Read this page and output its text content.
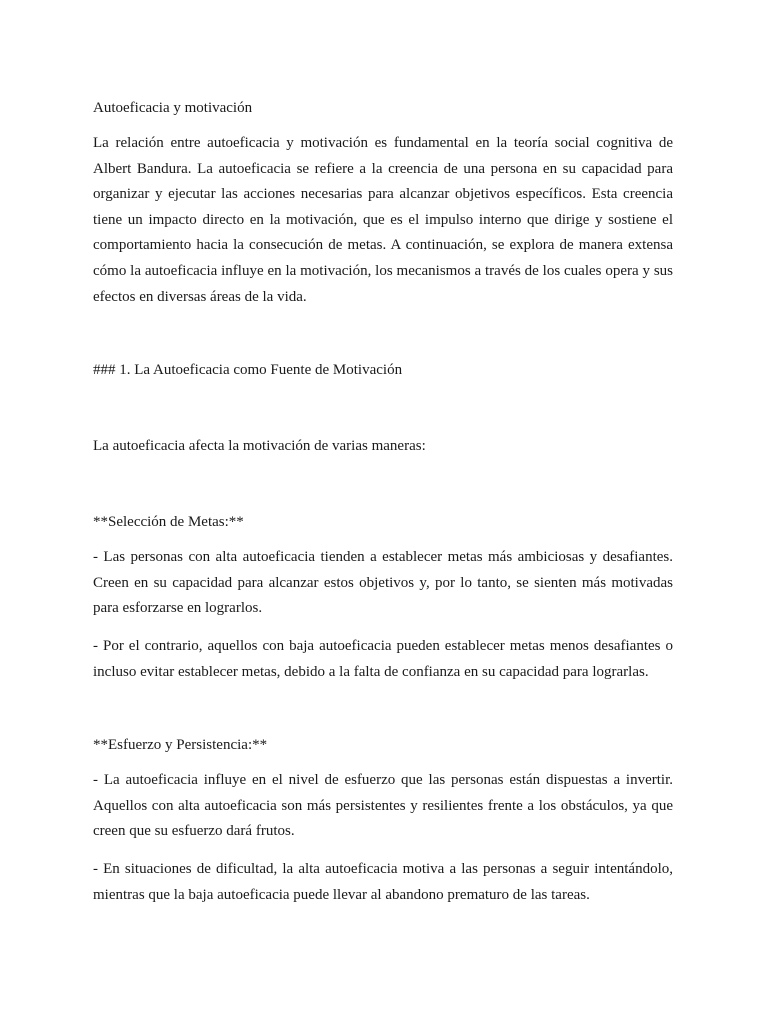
Autoeficacia y motivación

La relación entre autoeficacia y motivación es fundamental en la teoría social cognitiva de Albert Bandura. La autoeficacia se refiere a la creencia de una persona en su capacidad para organizar y ejecutar las acciones necesarias para alcanzar objetivos específicos. Esta creencia tiene un impacto directo en la motivación, que es el impulso interno que dirige y sostiene el comportamiento hacia la consecución de metas. A continuación, se explora de manera extensa cómo la autoeficacia influye en la motivación, los mecanismos a través de los cuales opera y sus efectos en diversas áreas de la vida.

### 1. La Autoeficacia como Fuente de Motivación

La autoeficacia afecta la motivación de varias maneras:

**Selección de Metas:**

- Las personas con alta autoeficacia tienden a establecer metas más ambiciosas y desafiantes. Creen en su capacidad para alcanzar estos objetivos y, por lo tanto, se sienten más motivadas para esforzarse en lograrlos.

- Por el contrario, aquellos con baja autoeficacia pueden establecer metas menos desafiantes o incluso evitar establecer metas, debido a la falta de confianza en su capacidad para lograrlas.

**Esfuerzo y Persistencia:**

- La autoeficacia influye en el nivel de esfuerzo que las personas están dispuestas a invertir. Aquellos con alta autoeficacia son más persistentes y resilientes frente a los obstáculos, ya que creen que su esfuerzo dará frutos.

- En situaciones de dificultad, la alta autoeficacia motiva a las personas a seguir intentándolo, mientras que la baja autoeficacia puede llevar al abandono prematuro de las tareas.
